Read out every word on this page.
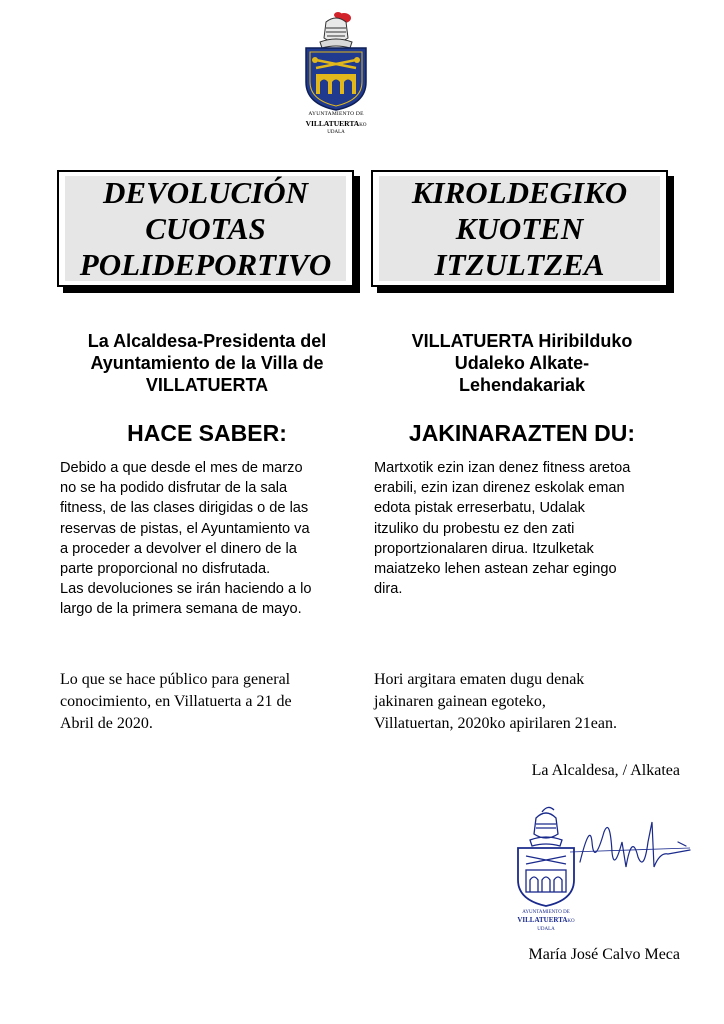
AYUNTAMIENTO DE
VILLATUERTAKO
UDALA
DEVOLUCIÓN
CUOTAS
POLIDEPORTIVO
KIROLDEGIKO
KUOTEN
ITZULTZEA
La Alcaldesa-Presidenta del
Ayuntamiento de la Villa de
VILLATUERTA
HACE SABER:

Debido a que desde el mes de marzo

no se ha podido disfrutar de la sala

fitness, de las clases dirigidas o de las

reservas de pistas, el Ayuntamiento va

a proceder a devolver el dinero de la

parte proporcional no disfrutada.

Las devoluciones se irán haciendo a lo

largo de la primera semana de mayo.

Lo que se hace público para general
conocimiento, en Villatuerta a 21 de
Abril de 2020.
VILLATUERTA Hiribilduko
Udaleko Alkate-
Lehendakariak
JAKINARAZTEN DU:

Martxotik ezin izan denez fitness aretoa

erabili, ezin izan direnez eskolak eman

edota pistak erreserbatu, Udalak

itzuliko du probestu ez den zati

proportzionalaren dirua. Itzulketak

maiatzeko lehen astean zehar egingo

dira.

Hori argitara ematen dugu denak
jakinaren gainean egoteko,
Villatuertan, 2020ko apirilaren 21ean.
La Alcaldesa, / Alkatea
AYUNTAMIENTO DE
VILLATUERTAKO
UDALA
María José Calvo Meca
